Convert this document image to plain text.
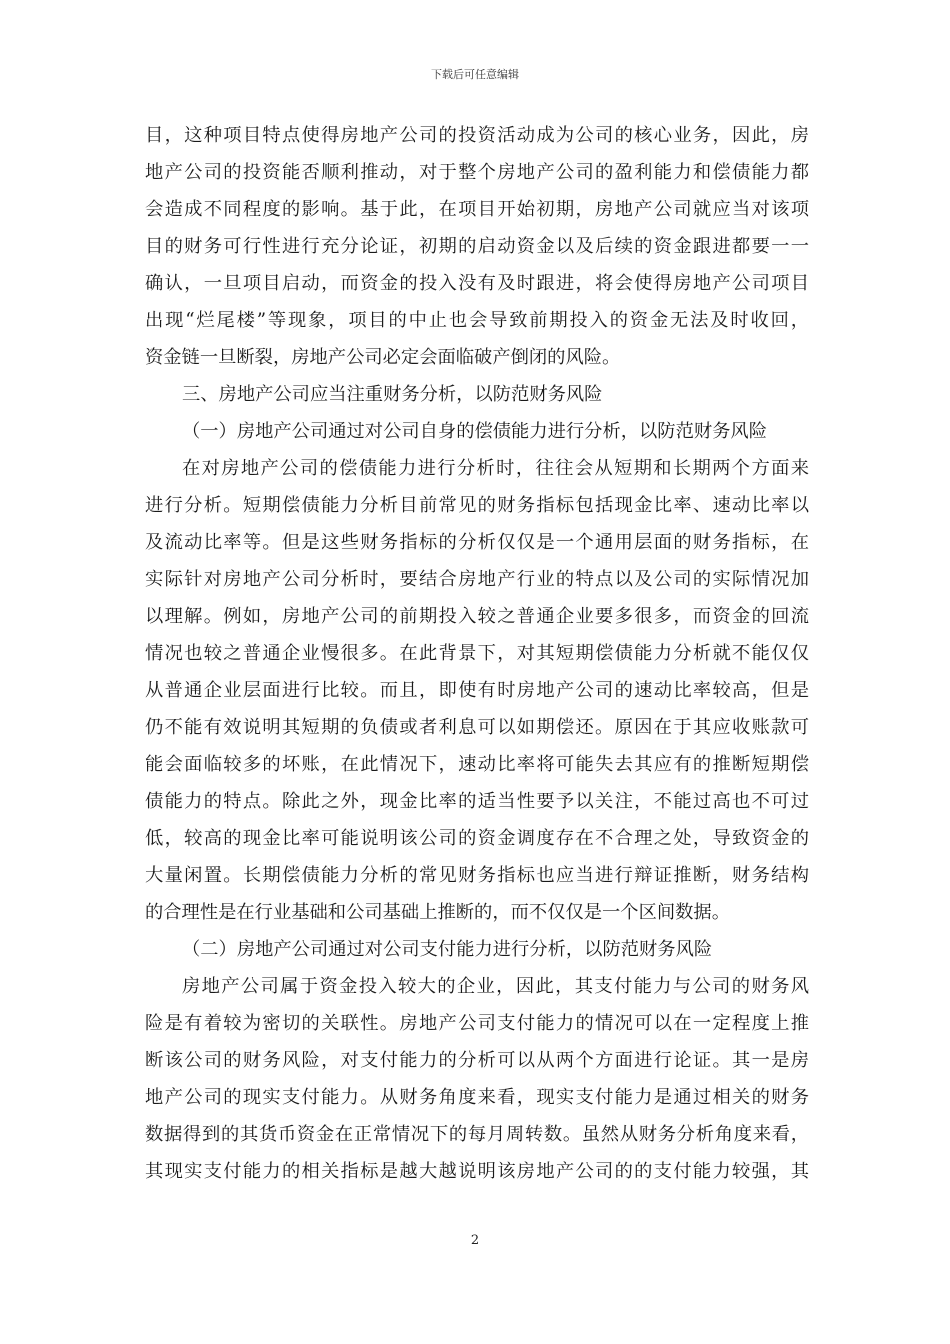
下载后可任意编辑
目，这种项目特点使得房地产公司的投资活动成为公司的核心业务，因此，房
地产公司的投资能否顺利推动，对于整个房地产公司的盈利能力和偿债能力都
会造成不同程度的影响。基于此，在项目开始初期，房地产公司就应当对该项
目的财务可行性进行充分论证，初期的启动资金以及后续的资金跟进都要一一
确认，一旦项目启动，而资金的投入没有及时跟进，将会使得房地产公司项目
出现“烂尾楼”等现象，项目的中止也会导致前期投入的资金无法及时收回，
资金链一旦断裂，房地产公司必定会面临破产倒闭的风险。
三、房地产公司应当注重财务分析，以防范财务风险
（一）房地产公司通过对公司自身的偿债能力进行分析，以防范财务风险
在对房地产公司的偿债能力进行分析时，往往会从短期和长期两个方面来
进行分析。短期偿债能力分析目前常见的财务指标包括现金比率、速动比率以
及流动比率等。但是这些财务指标的分析仅仅是一个通用层面的财务指标，在
实际针对房地产公司分析时，要结合房地产行业的特点以及公司的实际情况加
以理解。例如，房地产公司的前期投入较之普通企业要多很多，而资金的回流
情况也较之普通企业慢很多。在此背景下，对其短期偿债能力分析就不能仅仅
从普通企业层面进行比较。而且，即使有时房地产公司的速动比率较高，但是
仍不能有效说明其短期的负债或者利息可以如期偿还。原因在于其应收账款可
能会面临较多的坏账，在此情况下，速动比率将可能失去其应有的推断短期偿
债能力的特点。除此之外，现金比率的适当性要予以关注，不能过高也不可过
低，较高的现金比率可能说明该公司的资金调度存在不合理之处，导致资金的
大量闲置。长期偿债能力分析的常见财务指标也应当进行辩证推断，财务结构
的合理性是在行业基础和公司基础上推断的，而不仅仅是一个区间数据。
（二）房地产公司通过对公司支付能力进行分析，以防范财务风险
房地产公司属于资金投入较大的企业，因此，其支付能力与公司的财务风
险是有着较为密切的关联性。房地产公司支付能力的情况可以在一定程度上推
断该公司的财务风险，对支付能力的分析可以从两个方面进行论证。其一是房
地产公司的现实支付能力。从财务角度来看，现实支付能力是通过相关的财务
数据得到的其货币资金在正常情况下的每月周转数。虽然从财务分析角度来看，
其现实支付能力的相关指标是越大越说明该房地产公司的的支付能力较强，其
2
